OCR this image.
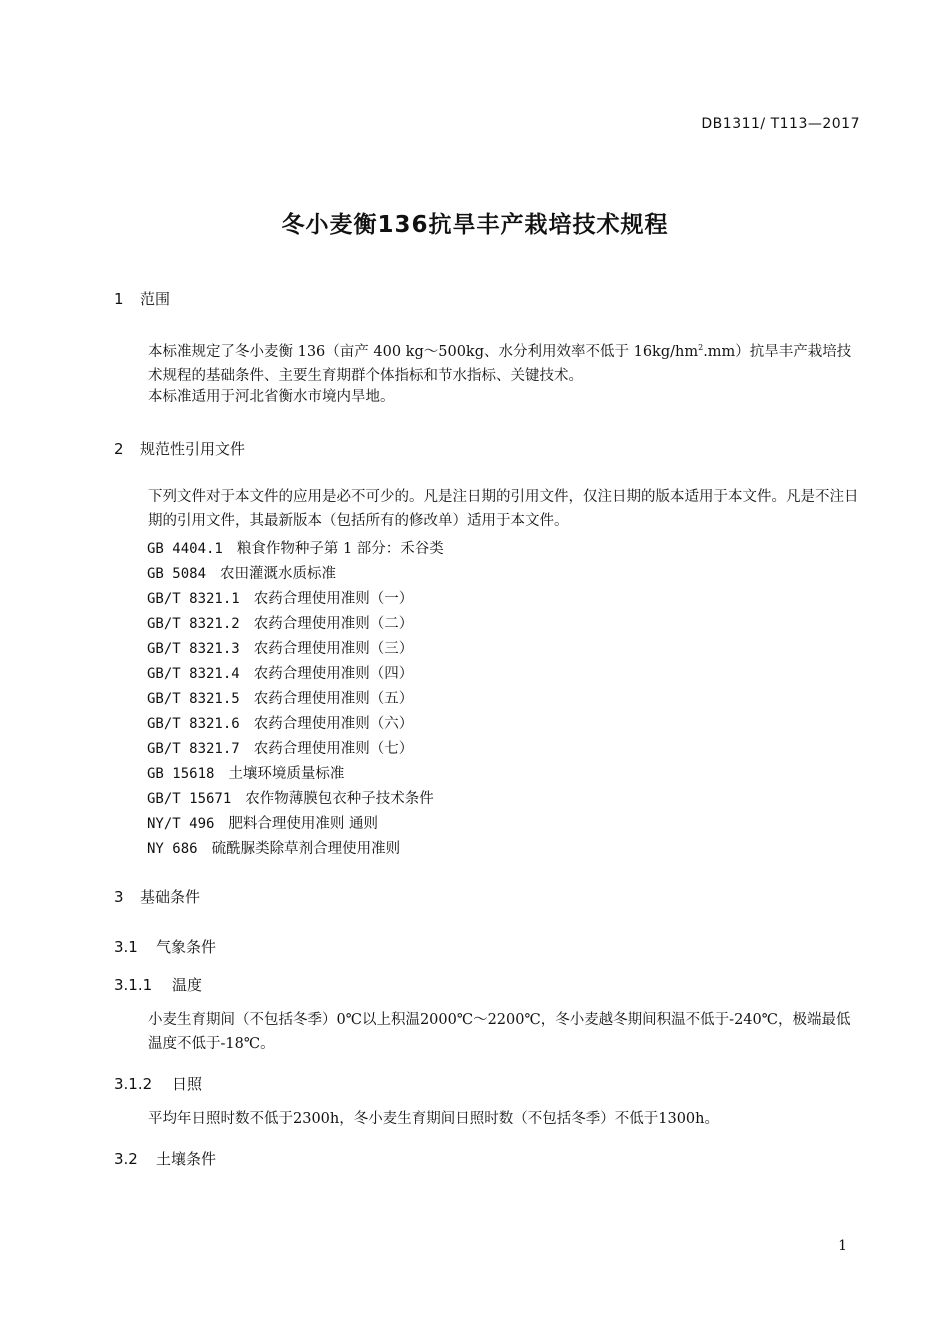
DB1311/ T113—2017
冬小麦衡136抗旱丰产栽培技术规程
1 范围
本标准规定了冬小麦衡 136（亩产 400 kg～500kg、水分利用效率不低于 $16kg/hm^2.mm$）抗旱丰产栽培技术规程的基础条件、主要生育期群个体指标和节水指标、关键技术。
本标准适用于河北省衡水市境内旱地。
2 规范性引用文件
下列文件对于本文件的应用是必不可少的。凡是注日期的引用文件，仅注日期的版本适用于本文件。凡是不注日期的引用文件，其最新版本（包括所有的修改单）适用于本文件。
GB 4404.1 粮食作物种子第 1 部分：禾谷类
GB 5084 农田灌溉水质标准
GB/T 8321.1 农药合理使用准则（一）
GB/T 8321.2 农药合理使用准则（二）
GB/T 8321.3 农药合理使用准则（三）
GB/T 8321.4 农药合理使用准则（四）
GB/T 8321.5 农药合理使用准则（五）
GB/T 8321.6 农药合理使用准则（六）
GB/T 8321.7 农药合理使用准则（七）
GB 15618 土壤环境质量标准
GB/T 15671 农作物薄膜包衣种子技术条件
NY/T 496 肥料合理使用准则 通则
NY 686 硫酰脲类除草剂合理使用准则
3 基础条件
3.1 气象条件
3.1.1 温度
小麦生育期间（不包括冬季）0℃以上积温2000℃～2200℃，冬小麦越冬期间积温不低于-240℃，极端最低温度不低于-18℃。
3.1.2 日照
平均年日照时数不低于2300h，冬小麦生育期间日照时数（不包括冬季）不低于1300h。
3.2 土壤条件
1
